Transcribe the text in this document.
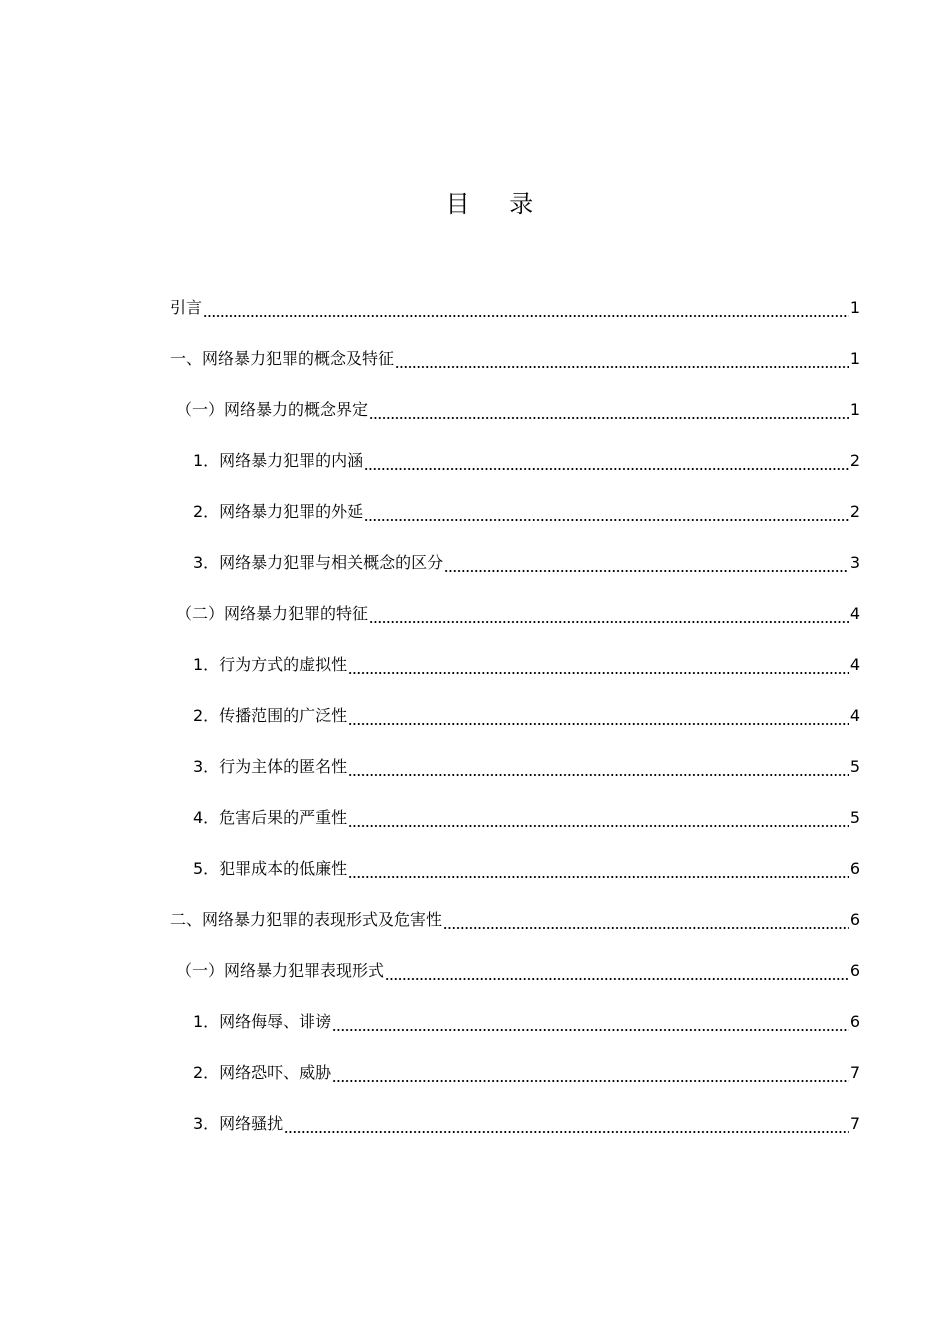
目 录
引言	1
一、网络暴力犯罪的概念及特征	1
（一）网络暴力的概念界定	1
1．网络暴力犯罪的内涵	2
2．网络暴力犯罪的外延	2
3．网络暴力犯罪与相关概念的区分	3
（二）网络暴力犯罪的特征	4
1．行为方式的虚拟性	4
2．传播范围的广泛性	4
3．行为主体的匿名性	5
4．危害后果的严重性	5
5．犯罪成本的低廉性	6
二、网络暴力犯罪的表现形式及危害性	6
（一）网络暴力犯罪表现形式	6
1．网络侮辱、诽谤	6
2．网络恐吓、威胁	7
3．网络骚扰	7
